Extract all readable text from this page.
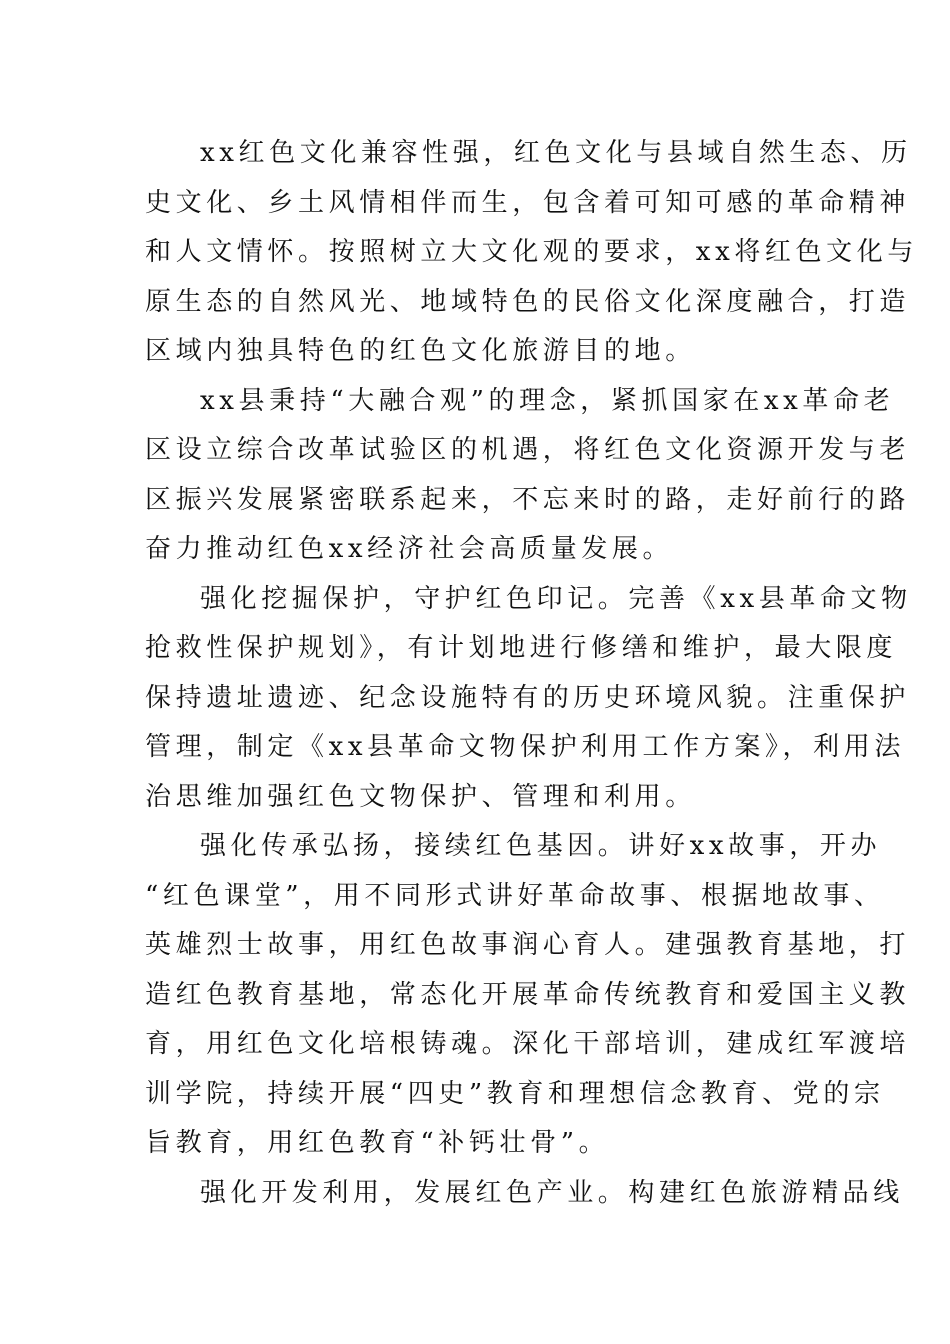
xx红色文化兼容性强，红色文化与县域自然生态、历
史文化、乡土风情相伴而生，包含着可知可感的革命精神
和人文情怀。按照树立大文化观的要求，xx将红色文化与
原生态的自然风光、地域特色的民俗文化深度融合，打造
区域内独具特色的红色文化旅游目的地。
xx县秉持“大融合观”的理念，紧抓国家在xx革命老
区设立综合改革试验区的机遇，将红色文化资源开发与老
区振兴发展紧密联系起来，不忘来时的路，走好前行的路
奋力推动红色xx经济社会高质量发展。
强化挖掘保护，守护红色印记。完善《xx县革命文物
抢救性保护规划》，有计划地进行修缮和维护，最大限度
保持遗址遗迹、纪念设施特有的历史环境风貌。注重保护
管理，制定《xx县革命文物保护利用工作方案》，利用法
治思维加强红色文物保护、管理和利用。
强化传承弘扬，接续红色基因。讲好xx故事，开办
“红色课堂”，用不同形式讲好革命故事、根据地故事、
英雄烈士故事，用红色故事润心育人。建强教育基地，打
造红色教育基地，常态化开展革命传统教育和爱国主义教
育，用红色文化培根铸魂。深化干部培训，建成红军渡培
训学院，持续开展“四史”教育和理想信念教育、党的宗
旨教育，用红色教育“补钙壮骨”。
强化开发利用，发展红色产业。构建红色旅游精品线
